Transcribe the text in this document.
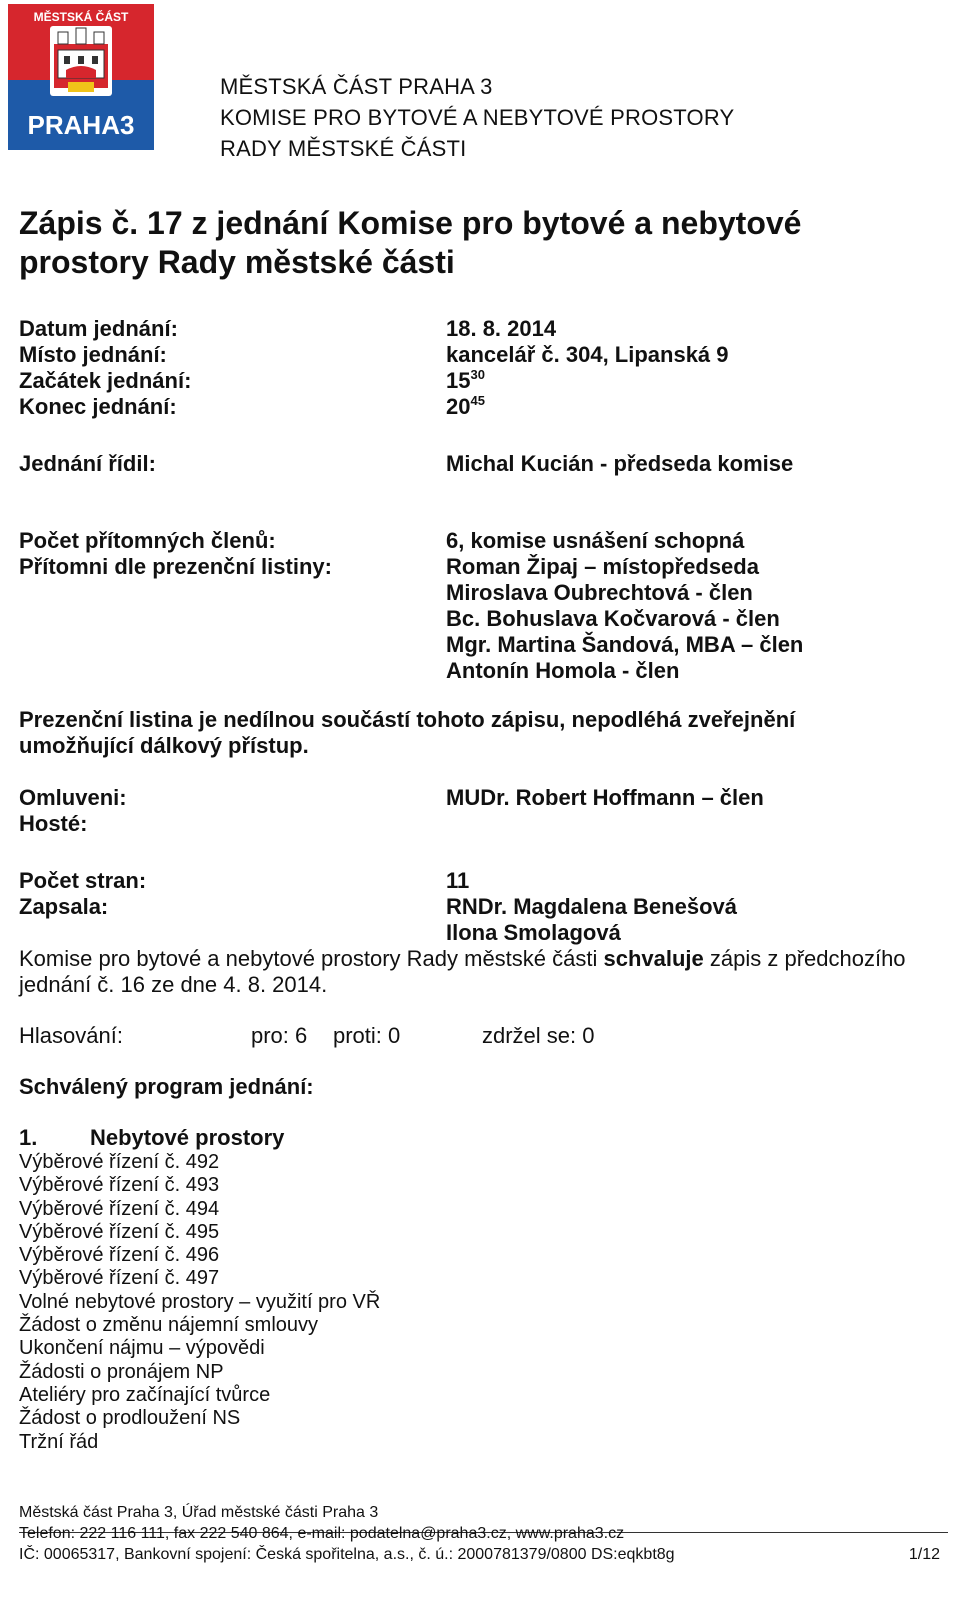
MĚSTSKÁ ČÁST
PRAHA3
MĚSTSKÁ ČÁST PRAHA 3
KOMISE PRO BYTOVÉ A NEBYTOVÉ PROSTORY
RADY MĚSTSKÉ ČÁSTI
Zápis č. 17 z jednání Komise pro bytové a nebytové
prostory Rady městské části
Datum jednání:	18. 8. 2014
Místo jednání:	kancelář č. 304, Lipanská 9
Začátek jednání:	$15^{30}$
Konec jednání:	$20^{45}$
Jednání řídil:	Michal Kucián - předseda komise
Počet přítomných členů:	6, komise usnášení schopná
Přítomni dle prezenční listiny:	Roman Žipaj – místopředseda
Miroslava Oubrechtová - člen
Bc. Bohuslava Kočvarová - člen
Mgr. Martina Šandová, MBA – člen
Antonín Homola - člen
Prezenční listina je nedílnou součástí tohoto zápisu, nepodléhá zveřejnění
umožňující dálkový přístup.
Omluveni:	MUDr. Robert Hoffmann – člen
Hosté:
Počet stran:	11
Zapsala:	RNDr. Magdalena Benešová
Ilona Smolagová
Komise pro bytové a nebytové prostory Rady městské části schvaluje zápis z předchozího
jednání č. 16 ze dne 4. 8. 2014.
Hlasování:	pro: 6 proti: 0	zdržel se: 0
Schválený program jednání:
1. Nebytové prostory
Výběrové řízení č. 492
Výběrové řízení č. 493
Výběrové řízení č. 494
Výběrové řízení č. 495
Výběrové řízení č. 496
Výběrové řízení č. 497
Volné nebytové prostory – využití pro VŘ
Žádost o změnu nájemní smlouvy
Ukončení nájmu – výpovědi
Žádosti o pronájem NP
Ateliéry pro začínající tvůrce
Žádost o prodloužení NS
Tržní řád
Městská část Praha 3, Úřad městské části Praha 3
Telefon: 222 116 111, fax 222 540 864, e-mail: podatelna@praha3.cz, www.praha3.cz
IČ: 00065317, Bankovní spojení: Česká spořitelna, a.s., č. ú.: 2000781379/0800 DS:eqkbt8g	1/12
